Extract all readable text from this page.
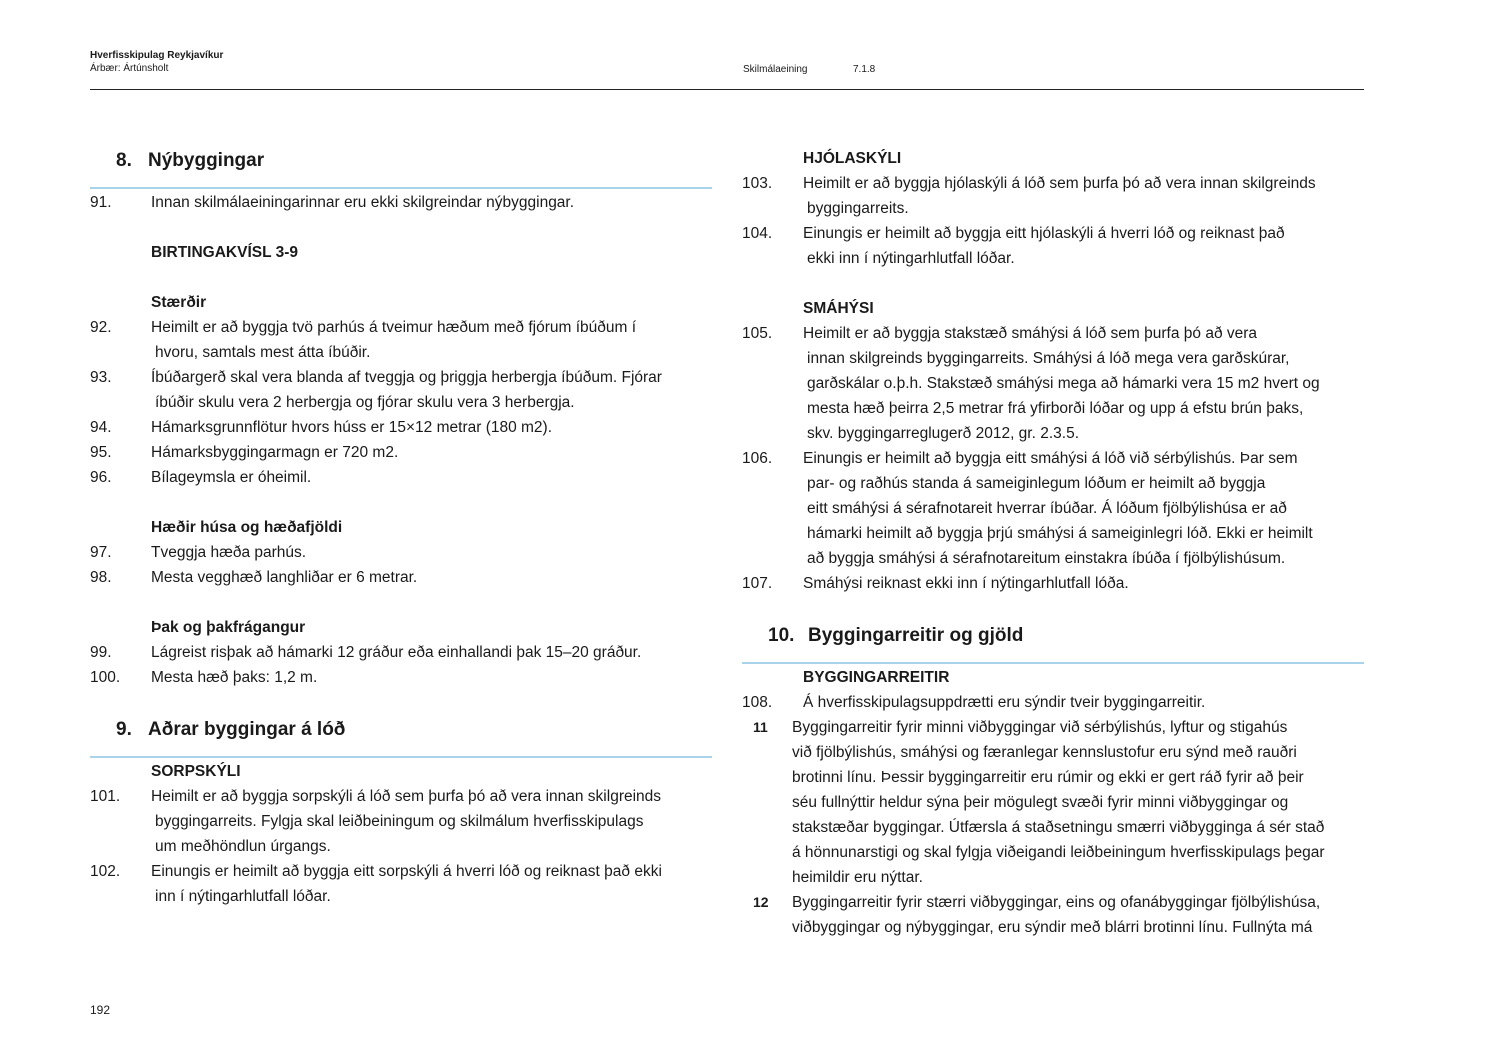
Hverfisskipulag Reykjavíkur
Árbær: Ártúnsholt	Skilmálaeining	7.1.8
8. Nýbyggingar
91.	Innan skilmálaeiningarinnar eru ekki skilgreindar nýbyggingar.
BIRTINGAKVÍSL 3-9
Stærðir
92.	Heimilt er að byggja tvö parhús á tveimur hæðum með fjórum íbúðum í
hvoru, samtals mest átta íbúðir.
93.	Íbúðargerð skal vera blanda af tveggja og þriggja herbergja íbúðum. Fjórar
íbúðir skulu vera 2 herbergja og fjórar skulu vera 3 herbergja.
94.	Hámarksgrunnflötur hvors húss er 15×12 metrar (180 m2).
95.	Hámarksbyggingarmagn er 720 m2.
96.	Bílageymsla er óheimil.
Hæðir húsa og hæðafjöldi
97.	Tveggja hæða parhús.
98.	Mesta vegghæð langhliðar er 6 metrar.
Þak og þakfrágangur
99.	Lágreist risþak að hámarki 12 gráður eða einhallandi þak 15–20 gráður.
100. Mesta hæð þaks: 1,2 m.
9. Aðrar byggingar á lóð
SORPSKÝLI
101. Heimilt er að byggja sorpskýli á lóð sem þurfa þó að vera innan skilgreinds
byggingarreits. Fylgja skal leiðbeiningum og skilmálum hverfisskipulags
um meðhöndlun úrgangs.
102. Einungis er heimilt að byggja eitt sorpskýli á hverri lóð og reiknast það ekki
inn í nýtingarhlutfall lóðar.
HJÓLASKÝLI
103. Heimilt er að byggja hjólaskýli á lóð sem þurfa þó að vera innan skilgreinds
byggingarreits.
104. Einungis er heimilt að byggja eitt hjólaskýli á hverri lóð og reiknast það
ekki inn í nýtingarhlutfall lóðar.
SMÁHÝSI
105. Heimilt er að byggja stakstæð smáhýsi á lóð sem þurfa þó að vera
innan skilgreinds byggingarreits. Smáhýsi á lóð mega vera garðskúrar,
garðskálar o.þ.h. Stakstæð smáhýsi mega að hámarki vera 15 m2 hvert og
mesta hæð þeirra 2,5 metrar frá yfirborði lóðar og upp á efstu brún þaks,
skv. byggingarreglugerð 2012, gr. 2.3.5.
106. Einungis er heimilt að byggja eitt smáhýsi á lóð við sérbýlishús. Þar sem
par- og raðhús standa á sameiginlegum lóðum er heimilt að byggja
eitt smáhýsi á sérafnotareit hverrar íbúðar. Á lóðum fjölbýlishúsa er að
hámarki heimilt að byggja þrjú smáhýsi á sameiginlegri lóð. Ekki er heimilt
að byggja smáhýsi á sérafnotareitum einstakra íbúða í fjölbýlishúsum.
107. Smáhýsi reiknast ekki inn í nýtingarhlutfall lóða.
10. Byggingarreitir og gjöld
BYGGINGARREITIR
108. Á hverfisskipulagsuppdrætti eru sýndir tveir byggingarreitir.
11 Byggingarreitir fyrir minni viðbyggingar við sérbýlishús, lyftur og stigahús
við fjölbýlishús, smáhýsi og færanlegar kennslustofur eru sýnd með rauðri
brotinni línu. Þessir byggingarreitir eru rúmir og ekki er gert ráð fyrir að þeir
séu fullnýttir heldur sýna þeir mögulegt svæði fyrir minni viðbyggingar og
stakstæðar byggingar. Útfærsla á staðsetningu smærri viðbygginga á sér stað
á hönnunarstigi og skal fylgja viðeigandi leiðbeiningum hverfisskipulags þegar
heimildir eru nýttar.
12 Byggingarreitir fyrir stærri viðbyggingar, eins og ofanábyggingar fjölbýlishúsa,
viðbyggingar og nýbyggingar, eru sýndir með blárri brotinni línu. Fullnýta má
192
